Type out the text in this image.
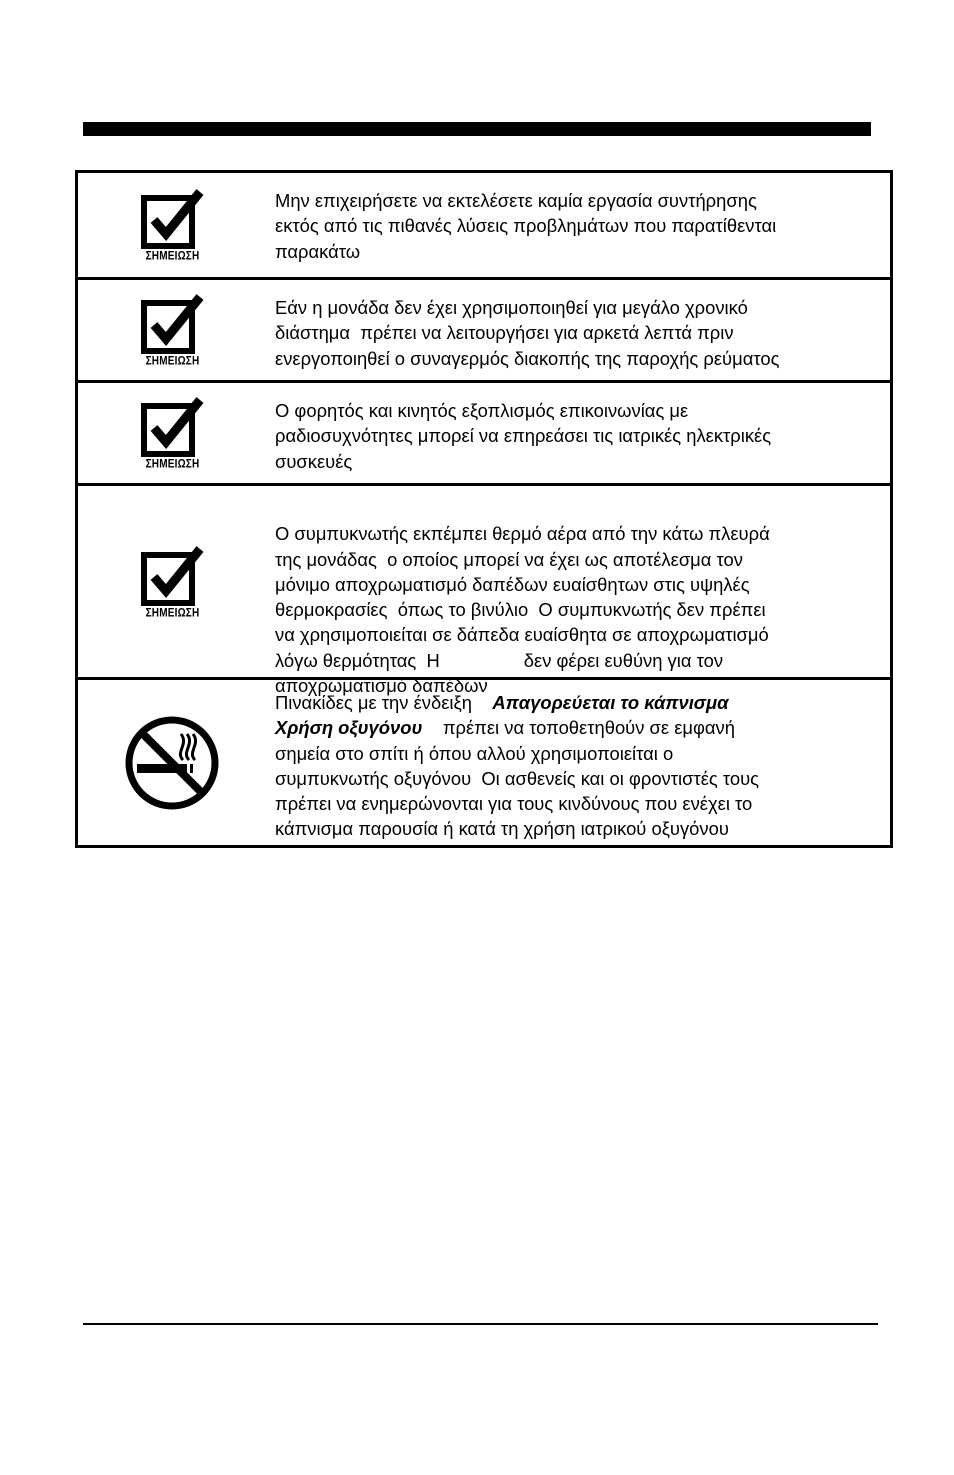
ΣΗΜΕΙΩΣΗ

Μην επιχειρήσετε να εκτελέσετε καμία εργασία συντήρησης
εκτός από τις πιθανές λύσεις προβλημάτων που παρατίθενται
παρακάτω

ΣΗΜΕΙΩΣΗ

Εάν η μονάδα δεν έχει χρησιμοποιηθεί για μεγάλο χρονικό
διάστημα  πρέπει να λειτουργήσει για αρκετά λεπτά πριν
ενεργοποιηθεί ο συναγερμός διακοπής της παροχής ρεύματος

ΣΗΜΕΙΩΣΗ

Ο φορητός και κινητός εξοπλισμός επικοινωνίας με
ραδιοσυχνότητες μπορεί να επηρεάσει τις ιατρικές ηλεκτρικές
συσκευές

ΣΗΜΕΙΩΣΗ

Ο συμπυκνωτής εκπέμπει θερμό αέρα από την κάτω πλευρά
της μονάδας  ο οποίος μπορεί να έχει ως αποτέλεσμα τον
μόνιμο αποχρωματισμό δαπέδων ευαίσθητων στις υψηλές
θερμοκρασίες  όπως το βινύλιο  Ο συμπυκνωτής δεν πρέπει
να χρησιμοποιείται σε δάπεδα ευαίσθητα σε αποχρωματισμό
λόγω θερμότητας  Η	δεν φέρει ευθύνη για τον
αποχρωματισμό δαπέδων

Πινακίδες με την ένδειξη Απαγορεύεται το κάπνισμα
Χρήση οξυγόνου πρέπει να τοποθετηθούν σε εμφανή
σημεία στο σπίτι ή όπου αλλού χρησιμοποιείται ο
συμπυκνωτής οξυγόνου  Οι ασθενείς και οι φροντιστές τους
πρέπει να ενημερώνονται για τους κινδύνους που ενέχει το
κάπνισμα παρουσία ή κατά τη χρήση ιατρικού οξυγόνου
